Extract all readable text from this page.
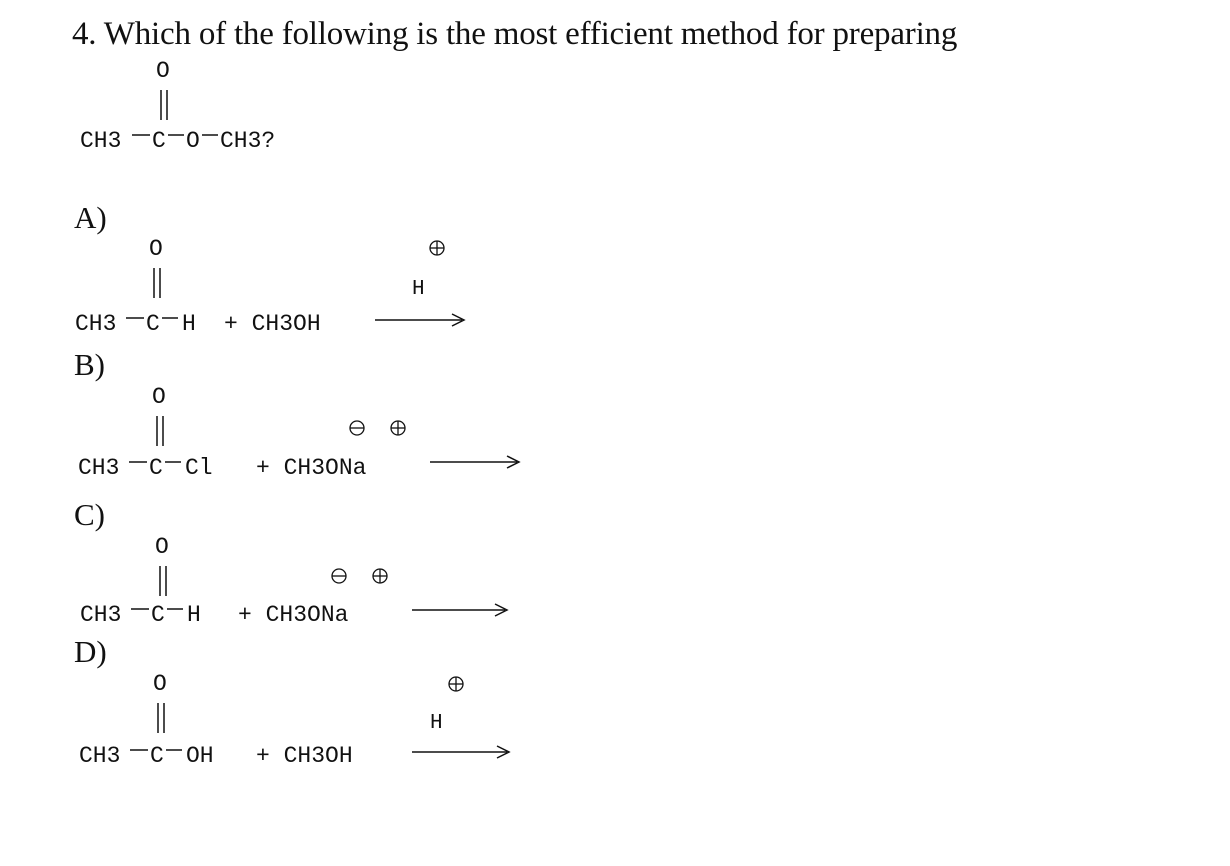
4. Which of the following is the most efficient method for preparing
O
CH3 C O CH3?
A)
O
CH3 C H + CH3OH
H
B)
O
CH3 C Cl + CH3ONa
C)
O
CH3 C H + CH3ONa
D)
O
CH3 C OH + CH3OH
H
